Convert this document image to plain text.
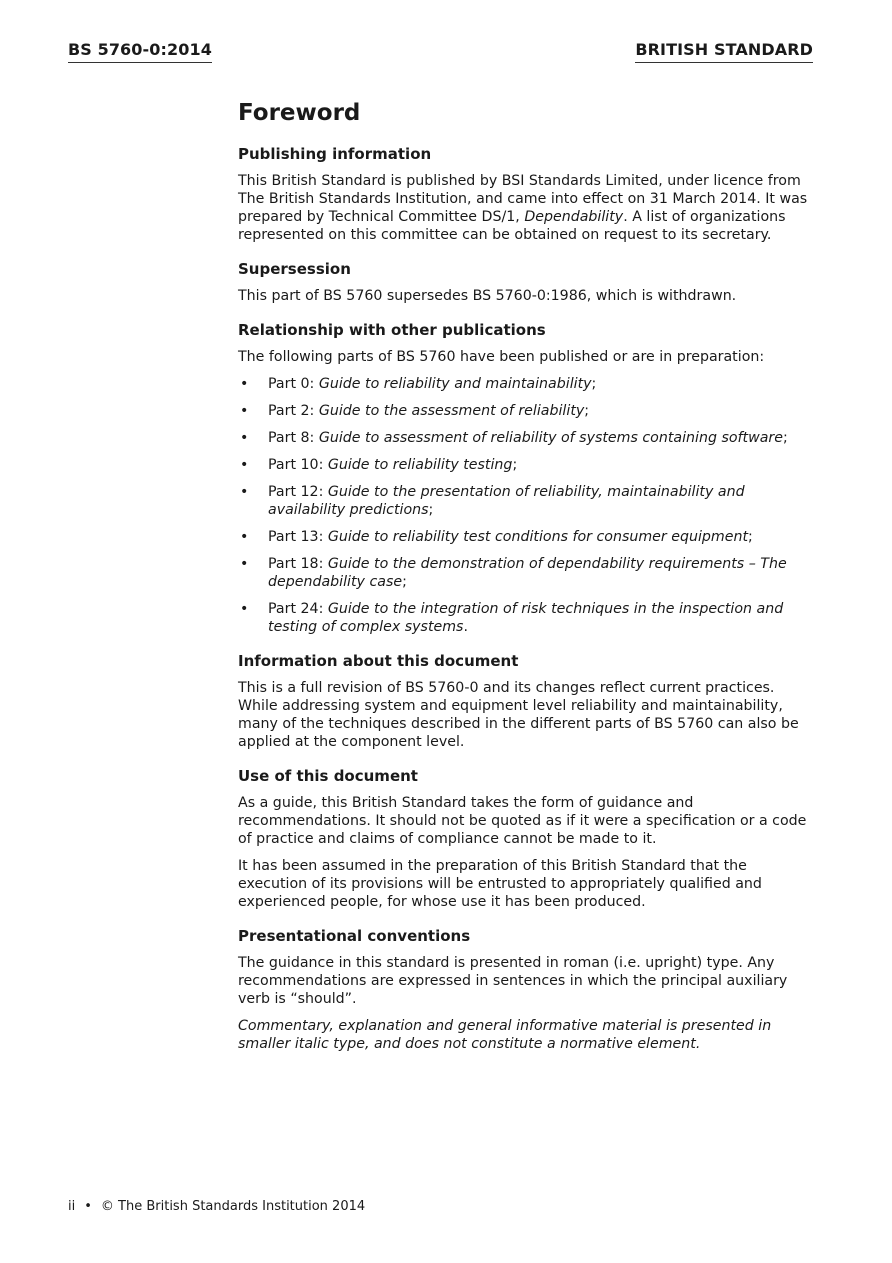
BS 5760-0:2014	BRITISH STANDARD
Foreword
Publishing information

This British Standard is published by BSI Standards Limited, under licence from The British Standards Institution, and came into effect on 31 March 2014. It was prepared by Technical Committee DS/1, Dependability. A list of organizations represented on this committee can be obtained on request to its secretary.

Supersession

This part of BS 5760 supersedes BS 5760-0:1986, which is withdrawn.

Relationship with other publications

The following parts of BS 5760 have been published or are in preparation:

• Part 0: Guide to reliability and maintainability;
• Part 2: Guide to the assessment of reliability;
• Part 8: Guide to assessment of reliability of systems containing software;
• Part 10: Guide to reliability testing;
• Part 12: Guide to the presentation of reliability, maintainability and availability predictions;
• Part 13: Guide to reliability test conditions for consumer equipment;
• Part 18: Guide to the demonstration of dependability requirements – The dependability case;
• Part 24: Guide to the integration of risk techniques in the inspection and testing of complex systems.
Information about this document

This is a full revision of BS 5760-0 and its changes reflect current practices. While addressing system and equipment level reliability and maintainability, many of the techniques described in the different parts of BS 5760 can also be applied at the component level.

Use of this document

As a guide, this British Standard takes the form of guidance and recommendations. It should not be quoted as if it were a specification or a code of practice and claims of compliance cannot be made to it.

It has been assumed in the preparation of this British Standard that the execution of its provisions will be entrusted to appropriately qualified and experienced people, for whose use it has been produced.

Presentational conventions

The guidance in this standard is presented in roman (i.e. upright) type. Any recommendations are expressed in sentences in which the principal auxiliary verb is “should”.

Commentary, explanation and general informative material is presented in smaller italic type, and does not constitute a normative element.

ii • © The British Standards Institution 2014
